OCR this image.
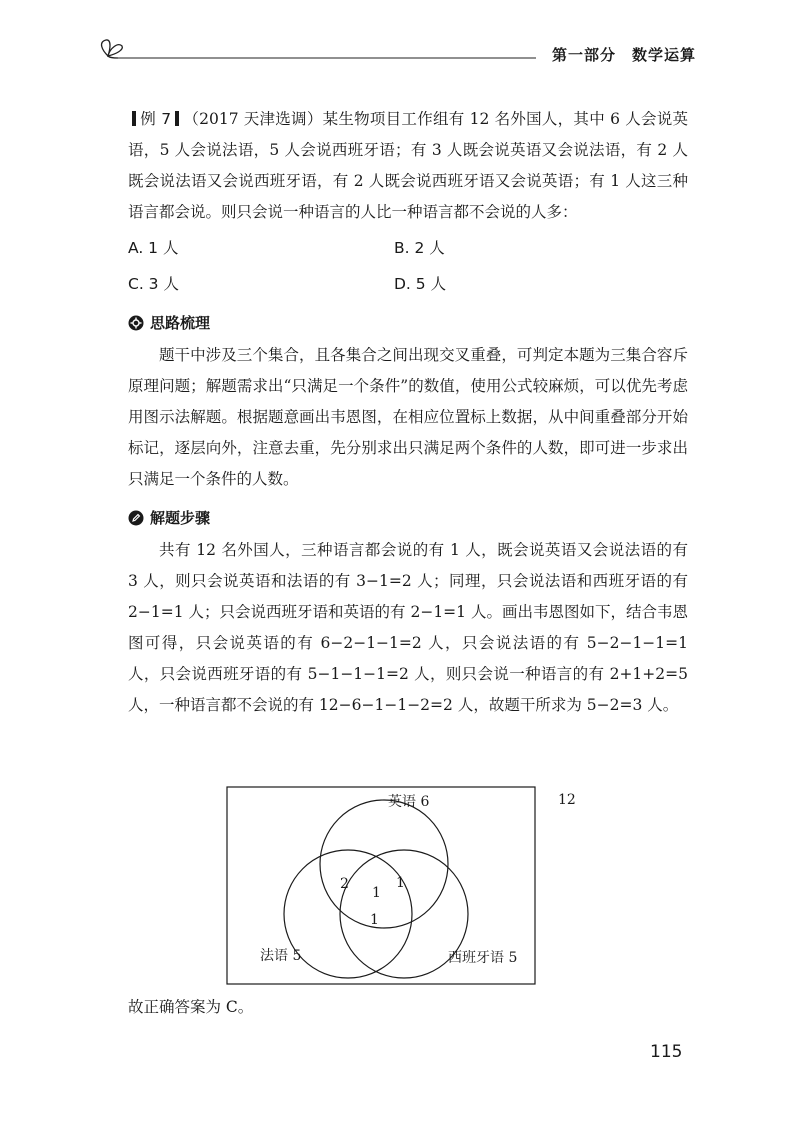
第一部分　数学运算

例 7 （2017 天津选调）某生物项目工作组有 12 名外国人，其中 6 人会说英语，5 人会说法语，5 人会说西班牙语；有 3 人既会说英语又会说法语，有 2 人既会说法语又会说西班牙语，有 2 人既会说西班牙语又会说英语；有 1 人这三种语言都会说。则只会说一种语言的人比一种语言都不会说的人多：

A. 1 人	B. 2 人
C. 3 人	D. 5 人
思路梳理

题干中涉及三个集合，且各集合之间出现交叉重叠，可判定本题为三集合容斥原理问题；解题需求出“只满足一个条件”的数值，使用公式较麻烦，可以优先考虑用图示法解题。根据题意画出韦恩图，在相应位置标上数据，从中间重叠部分开始标记，逐层向外，注意去重，先分别求出只满足两个条件的人数，即可进一步求出只满足一个条件的人数。

解题步骤

共有 12 名外国人，三种语言都会说的有 1 人，既会说英语又会说法语的有 3 人，则只会说英语和法语的有 3−1=2 人；同理，只会说法语和西班牙语的有 2−1=1 人；只会说西班牙语和英语的有 2−1=1 人。画出韦恩图如下，结合韦恩图可得，只会说英语的有 6−2−1−1=2 人，只会说法语的有 5−2−1−1=1 人，只会说西班牙语的有 5−1−1−1=2 人，则只会说一种语言的有 2+1+2=5 人，一种语言都不会说的有 12−6−1−1−2=2 人，故题干所求为 5−2=3 人。

12
英语 6
法语 5	西班牙语 5
2	1
1
1
故正确答案为 C。
115
